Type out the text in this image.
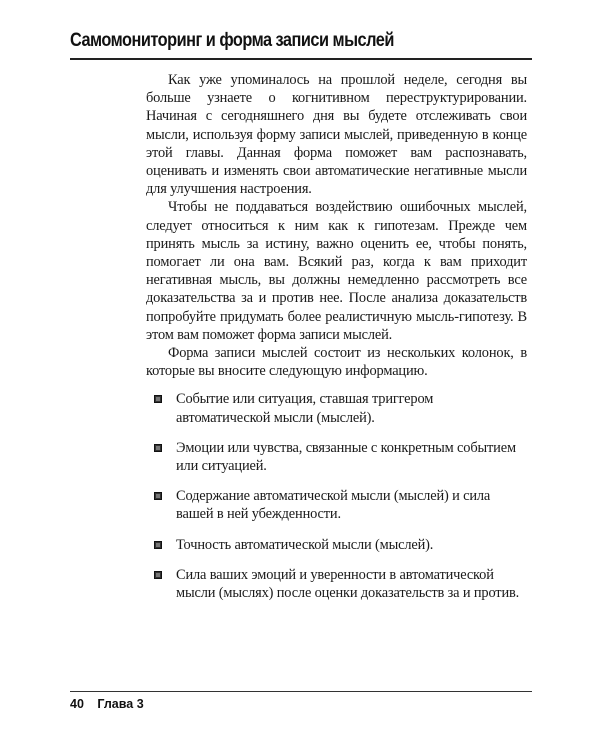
Самомониторинг и форма записи мыслей

Как уже упоминалось на прошлой неделе, сегодня вы больше узнаете о когнитивном переструктурировании. Начиная с сегодняшнего дня вы будете отслеживать свои мысли, используя форму записи мыслей, приведенную в конце этой главы. Данная форма поможет вам распознавать, оценивать и изменять свои автоматические негативные мысли для улучшения настроения.

Чтобы не поддаваться воздействию ошибочных мыслей, следует относиться к ним как к гипотезам. Прежде чем принять мысль за истину, важно оценить ее, чтобы понять, помогает ли она вам. Всякий раз, когда к вам приходит негативная мысль, вы должны немедленно рассмотреть все доказательства за и против нее. После анализа доказательств попробуйте придумать более реалистичную мысль-гипотезу. В этом вам поможет форма записи мыслей.

Форма записи мыслей состоит из нескольких колонок, в которые вы вносите следующую информацию.

Событие или ситуация, ставшая триггером автоматической мысли (мыслей).
Эмоции или чувства, связанные с конкретным событием или ситуацией.
Содержание автоматической мысли (мыслей) и сила вашей в ней убежденности.
Точность автоматической мысли (мыслей).
Сила ваших эмоций и уверенности в автоматической мысли (мыслях) после оценки доказательств за и против.
40 Глава 3
